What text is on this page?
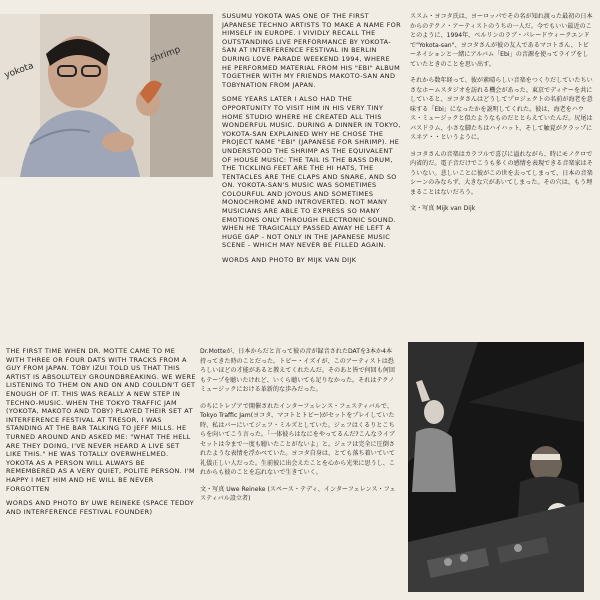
yokota
shrimp

SUSUMU YOKOTA WAS ONE OF THE FIRST JAPANESE TECHNO ARTISTS TO MAKE A NAME FOR HIMSELF IN EUROPE. I VIVIDLY RECALL THE OUTSTANDING LIVE PERFORMANCE BY YOKOTA-SAN AT INTERFERENCE FESTIVAL IN BERLIN DURING LOVE PARADE WEEKEND 1994, WHERE HE PERFORMED MATERIAL FROM HIS "EBI" ALBUM TOGETHER WITH MY FRIENDS MAKOTO-SAN AND TOBYNATION FROM JAPAN.

SOME YEARS LATER I ALSO HAD THE OPPORTUNITY TO VISIT HIM IN HIS VERY TINY HOME STUDIO WHERE HE CREATED ALL THIS WONDERFUL MUSIC. DURING A DINNER IN TOKYO, YOKOTA-SAN EXPLAINED WHY HE CHOSE THE PROJECT NAME "EBI" (JAPANESE FOR SHRIMP). HE UNDERSTOOD THE SHRIMP AS THE EQUIVALENT OF HOUSE MUSIC: THE TAIL IS THE BASS DRUM, THE TICKLING FEET ARE THE HI HATS, THE TENTACLES ARE THE CLAPS AND SNARE, AND SO ON. YOKOTA-SAN'S MUSIC WAS SOMETIMES COLOURFUL AND JOYOUS AND SOMETIMES MONOCHROME AND INTROVERTED. NOT MANY MUSICIANS ARE ABLE TO EXPRESS SO MANY EMOTIONS ONLY THROUGH ELECTRONIC SOUND. WHEN HE TRAGICALLY PASSED AWAY HE LEFT A HUGE GAP - NOT ONLY IN THE JAPANESE MUSIC SCENE - WHICH MAY NEVER BE FILLED AGAIN.

WORDS AND PHOTO BY MIJK VAN DIJK

ススム・ヨコタ氏は、ヨーロッパでその名が知れ渡った最初の日本からのテクノ・アーティストのうちの一人だ。今でもいい最近のことのように、1994年、ベルリンのラブ・パレードウィークエンドで"Yokota-san"、ヨコタさんが彼の友人であるマコトさん、トビーネイションと一緒にアルバム「Ebi」の音源を使ってライブをしていたときのことを思い出す。

それから数年経って、彼が素晴らしい音楽をつくりだしていたちいさなホームスタジオを訪れる機会があった。東京でディナーを共にしていると、ヨコタさんはどうしてプロジェクトの名前が海老を意味する「Ebi」になったかを説明してくれた。彼は、海老をハウス・ミュージックと似たようなものだととらえていたんだ。尻尾はバスドラム、小さな脚たちはハイハット、そして触覚がクラップにスネア・・というように。

ヨコタさんの音楽はカラフルで喜びに溢れながら、時にモノクロで内省的だ。電子音だけでこうも多くの感情を表現できる音楽家はそういない。悲しいことに彼がこの世を去ってしまって、日本の音楽シーンのみならず、大きな穴があいてしまった。その穴は、もう埋まることはないだろう。

文・写真 Mijk van Dijk

THE FIRST TIME WHEN DR. MOTTE CAME TO ME WITH THREE OR FOUR DATS WITH TRACKS FROM A GUY FROM JAPAN. TOBY IZUI TOLD US THAT THIS ARTIST IS ABSOLUTELY GROUNDBREAKING. WE WERE LISTENING TO THEM ON AND ON AND COULDN'T GET ENOUGH OF IT. THIS WAS REALLY A NEW STEP IN TECHNO-MUSIC. WHEN THE TOKYO TRAFFIC JAM (YOKOTA, MAKOTO AND TOBY) PLAYED THEIR SET AT INTERFERENCE FESTIVAL AT TRESOR, I WAS STANDING AT THE BAR TALKING TO JEFF MILLS. HE TURNED AROUND AND ASKED ME: "WHAT THE HELL ARE THEY DOING, I'VE NEVER HEARD A LIVE SET LIKE THIS." HE WAS TOTALLY OVERWHELMED. YOKOTA AS A PERSON WILL ALWAYS BE REMEMBERED AS A VERY QUIET, POLITE PERSON. I'M HAPPY I MET HIM AND HE WILL BE NEVER FORGOTTEN

WORDS AND PHOTO BY UWE REINEKE (SPACE TEDDY AND INTERFERENCE FESTIVAL FOUNDER)

Dr.Motteが、日本からだと言って彼の音が録音されたDATを3本か4本持ってきた時のことだった。トビー・イズイが、このアーティストは恐ろしいほどの才能があると教えてくれたんだ。そのあと皆で何回も何回もテープを聴いたけれど、いくら聴いても足りなかった。それはテクノミュージックにおける革新的な歩みだった。

のちにトレゾアで開催されたインターフェレンス・フェスティバルで、Tokyo Traffic Jam(ヨコタ、マコトとトビー)がセットをプレイしていた時、私はバーにいてジェフ・ミルズとしていた。ジェフはくるりとこちらを向いてこう言った。「一体彼らはなにをやってるんだ?こんなライブセットは今まで一度も聴いたことがないよ」と。ジェフは完全に圧倒されたような表情を浮かべていた。ヨコタ自身は、とても落ち着いていて礼儀正しい人だった。生前彼に出会えたことを心から光栄に思うし、これからも彼のことを忘れないで生きていく。

文・写真 Uwe Reineke (スペース・テディ、インターフェレンス・フェスティバル設立者)
